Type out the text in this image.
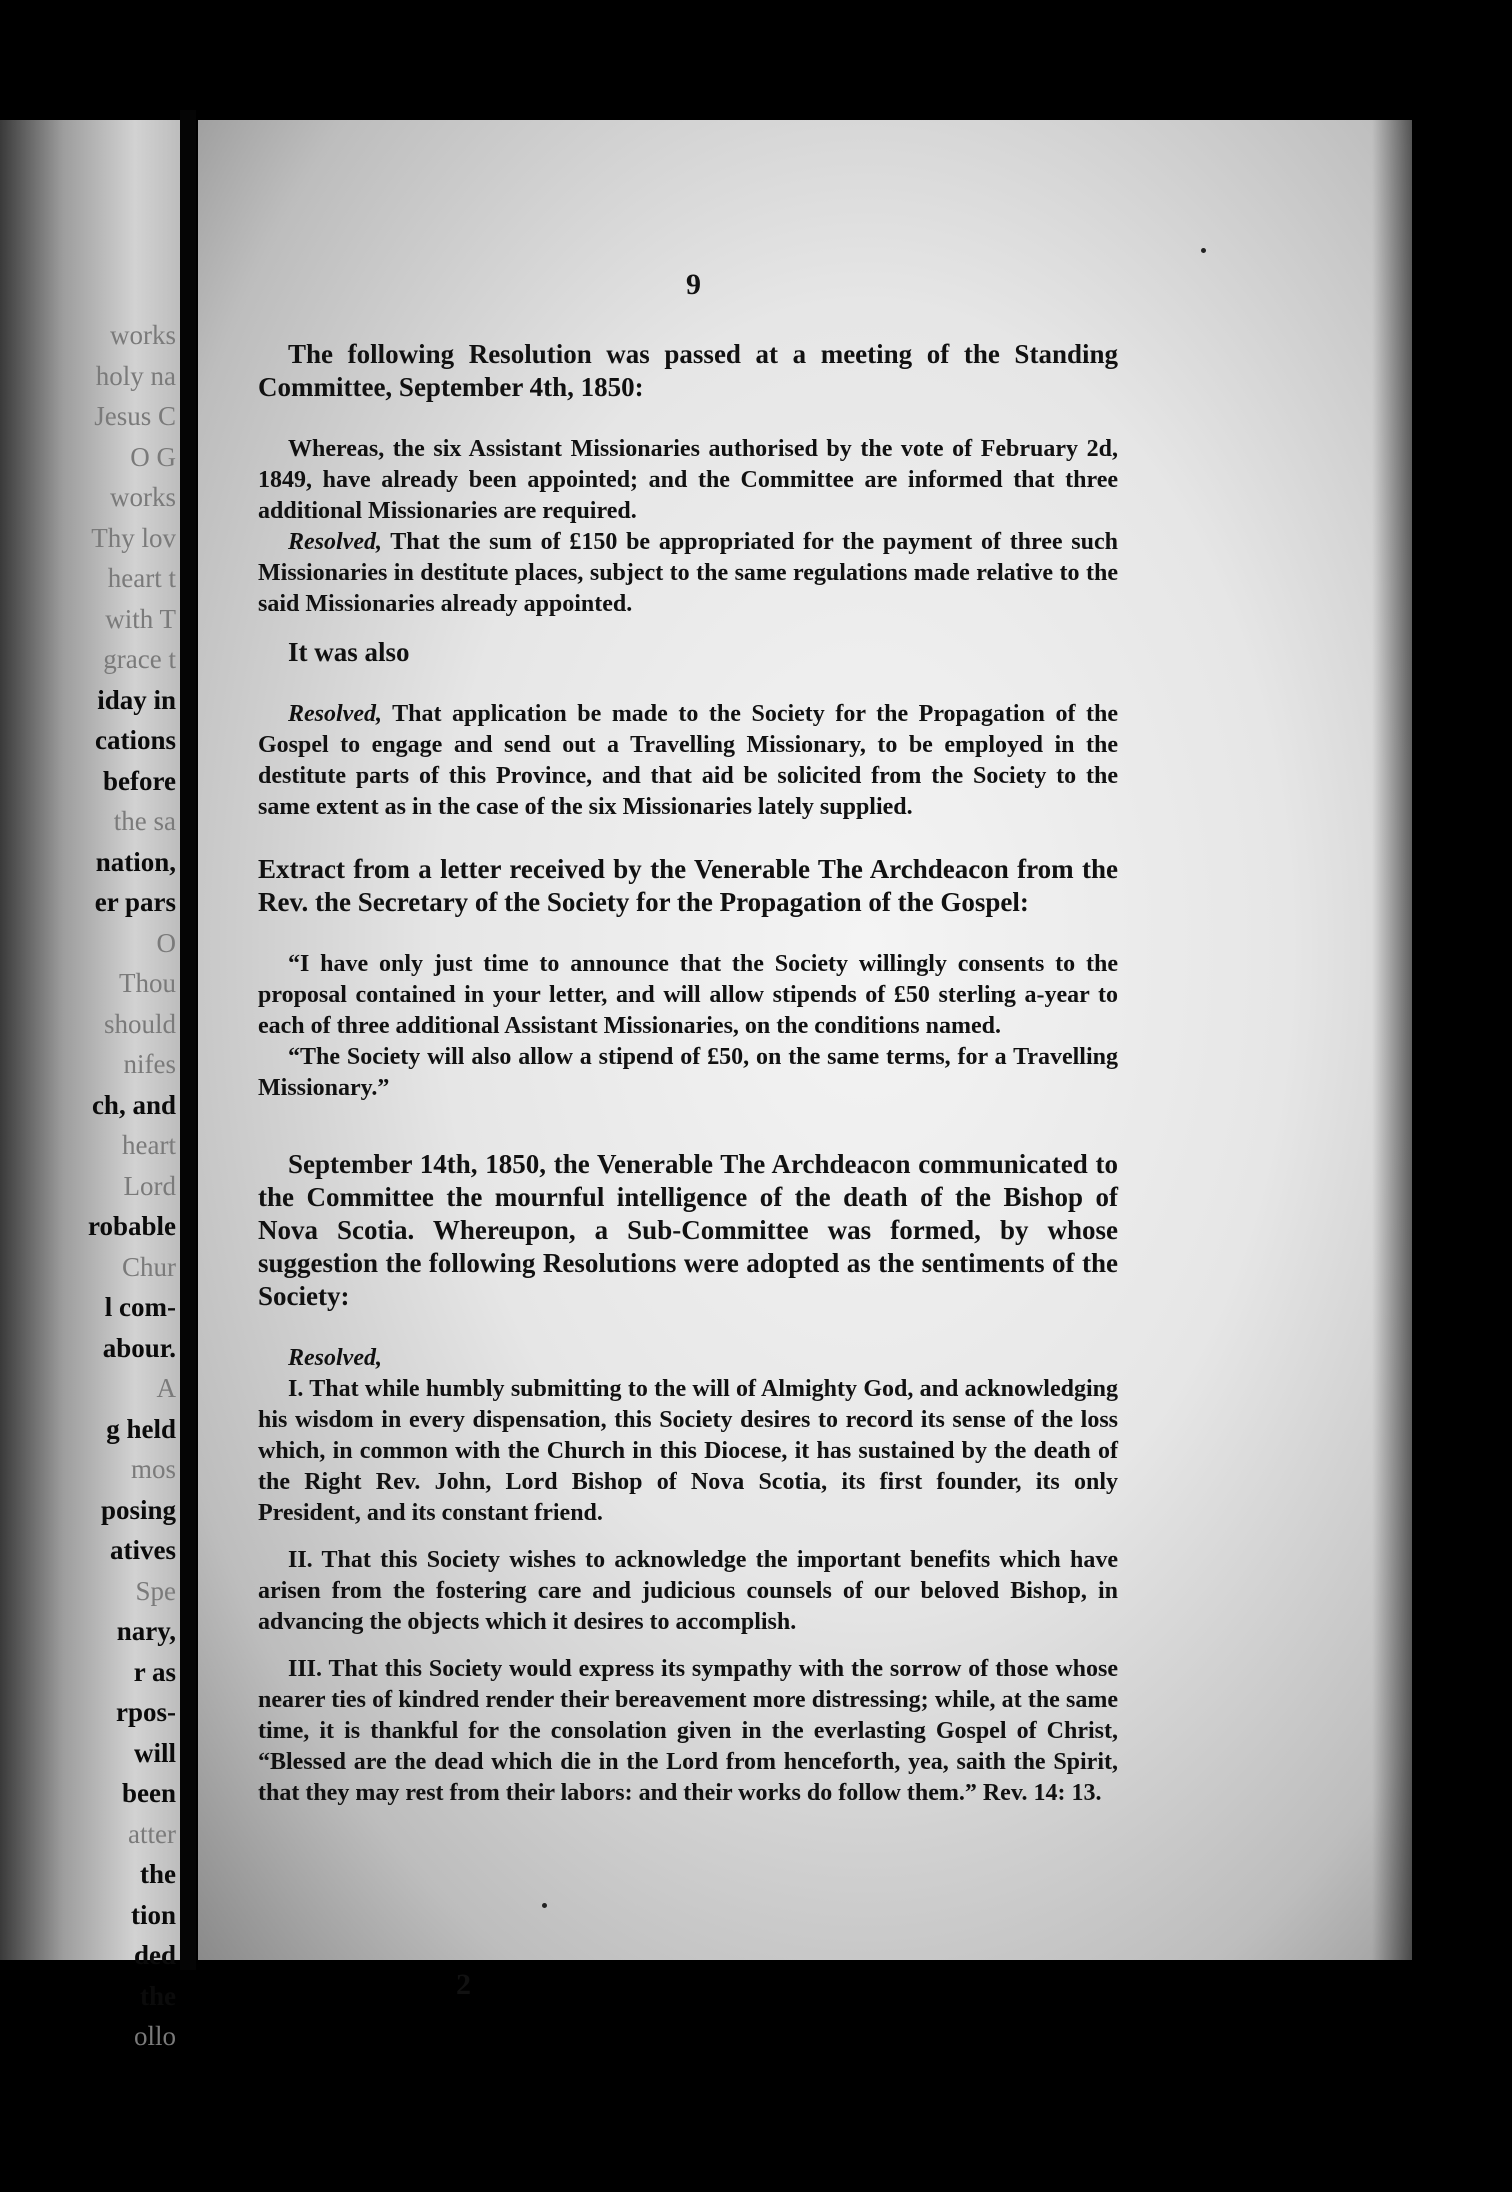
works
holy na
Jesus C
O G
works
Thy lov
heart t
with T
grace t
iday in
cations
before
the sa
nation,
er pars
O
Thou
should
nifes
ch, and
heart
Lord
robable
Chur
l com-
abour.
A
g held
mos
posing
atives
Spe
nary,
r as
rpos-
will
been
atter
the
tion
ded
the
ollo
9

The following Resolution was passed at a meeting of the Standing Committee, September 4th, 1850:

Whereas, the six Assistant Missionaries authorised by the vote of February 2d, 1849, have already been appointed; and the Committee are informed that three additional Missionaries are required.

Resolved, That the sum of £150 be appropriated for the payment of three such Missionaries in destitute places, subject to the same regulations made relative to the said Missionaries already appointed.

It was also

Resolved, That application be made to the Society for the Propagation of the Gospel to engage and send out a Travelling Missionary, to be employed in the destitute parts of this Province, and that aid be solicited from the Society to the same extent as in the case of the six Missionaries lately supplied.

Extract from a letter received by the Venerable The Archdeacon from the Rev. the Secretary of the Society for the Propagation of the Gospel:

“I have only just time to announce that the Society willingly consents to the proposal contained in your letter, and will allow stipends of £50 sterling a-year to each of three additional Assistant Missionaries, on the conditions named.

“The Society will also allow a stipend of £50, on the same terms, for a Travelling Missionary.”

September 14th, 1850, the Venerable The Archdeacon communicated to the Committee the mournful intelligence of the death of the Bishop of Nova Scotia. Whereupon, a Sub-Committee was formed, by whose suggestion the following Resolutions were adopted as the sentiments of the Society:

Resolved,

I. That while humbly submitting to the will of Almighty God, and acknowledging his wisdom in every dispensation, this Society desires to record its sense of the loss which, in common with the Church in this Diocese, it has sustained by the death of the Right Rev. John, Lord Bishop of Nova Scotia, its first founder, its only President, and its constant friend.

II. That this Society wishes to acknowledge the important benefits which have arisen from the fostering care and judicious counsels of our beloved Bishop, in advancing the objects which it desires to accomplish.

III. That this Society would express its sympathy with the sorrow of those whose nearer ties of kindred render their bereavement more distressing; while, at the same time, it is thankful for the consolation given in the everlasting Gospel of Christ, “Blessed are the dead which die in the Lord from henceforth, yea, saith the Spirit, that they may rest from their labors: and their works do follow them.” Rev. 14: 13.

2
